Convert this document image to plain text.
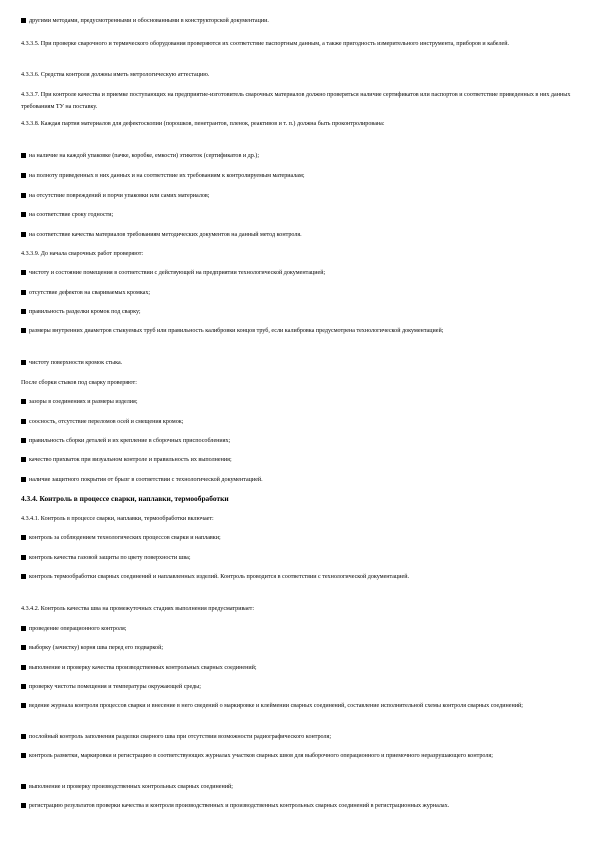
другими методами, предусмотренными и обоснованными в конструкторской документации.
4.3.3.5. При проверке сварочного и термического оборудования проверяются их соответствие паспортным данным, а также пригодность измерительного инструмента, приборов и кабелей.
4.3.3.6. Средства контроля должны иметь метрологическую аттестацию.
4.3.3.7. При контроле качества и приемке поступающих на предприятие-изготовитель сварочных материалов должно проверяться наличие сертификатов или паспортов и соответствие приведенных в них данных требованиям ТУ на поставку.
4.3.3.8. Каждая партия материалов для дефектоскопии (порошков, пенетрантов, пленок, реактивов и т. п.) должна быть проконтролирована:
на наличие на каждой упаковке (пачке, коробке, емкости) этикеток (сертификатов и др.);
на полноту приведенных в них данных и на соответствие их требованиям к контролируемым материалам;
на отсутствие повреждений и порчи упаковки или самих материалов;
на соответствие сроку годности;
на соответствие качества материалов требованиям методических документов на данный метод контроля.
4.3.3.9. До начала сварочных работ проверяют:
чистоту и состояние помещения в соответствии с действующей на предприятии технологической документацией;
отсутствие дефектов на свариваемых кромках;
правильность разделки кромок под сварку;
размеры внутренних диаметров стыкуемых труб или правильность калибровки концов труб, если калибровка предусмотрена технологической документацией;
чистоту поверхности кромок стыка.
После сборки стыков под сварку проверяют:
зазоры в соединениях и размеры изделия;
соосность, отсутствие переломов осей и смещения кромок;
правильность сборки деталей и их крепление в сборочных приспособлениях;
качество прихваток при визуальном контроле и правильность их выполнения;
наличие защитного покрытия от брызг в соответствии с технологической документацией.
4.3.4. Контроль в процессе сварки, наплавки, термообработки
4.3.4.1. Контроль в процессе сварки, наплавки, термообработки включает:
контроль за соблюдением технологических процессов сварки и наплавки;
контроль качества газовой защиты по цвету поверхности шва;
контроль термообработки сварных соединений и наплавленных изделий. Контроль проводится в соответствии с технологической документацией.
4.3.4.2. Контроль качества шва на промежуточных стадиях выполнения предусматривает:
проведение операционного контроля;
выборку (зачистку) корня шва перед его подваркой;
выполнение и проверку качества производственных контрольных сварных соединений;
проверку чистоты помещения и температуры окружающей среды;
ведение журнала контроля процессов сварки и внесение в него сведений о маркировке и клеймении сварных соединений, составление исполнительной схемы контроля сварных соединений;
послойный контроль заполнения разделки сварного шва при отсутствии возможности радиографического контроля;
контроль разметки, маркировки и регистрацию в соответствующих журналах участков сварных швов для выборочного операционного и приемочного неразрушающего контроля;
выполнение и проверку производственных контрольных сварных соединений;
регистрацию результатов проверки качества и контроля производственных и производственных контрольных сварных соединений в регистрационных журналах.
